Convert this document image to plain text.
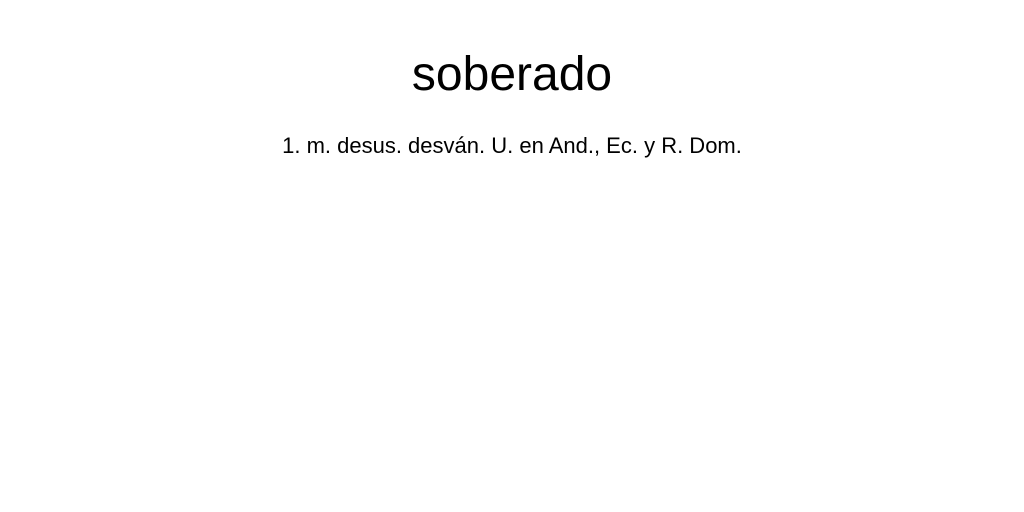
soberado

1. m. desus. desván. U. en And., Ec. y R. Dom.
